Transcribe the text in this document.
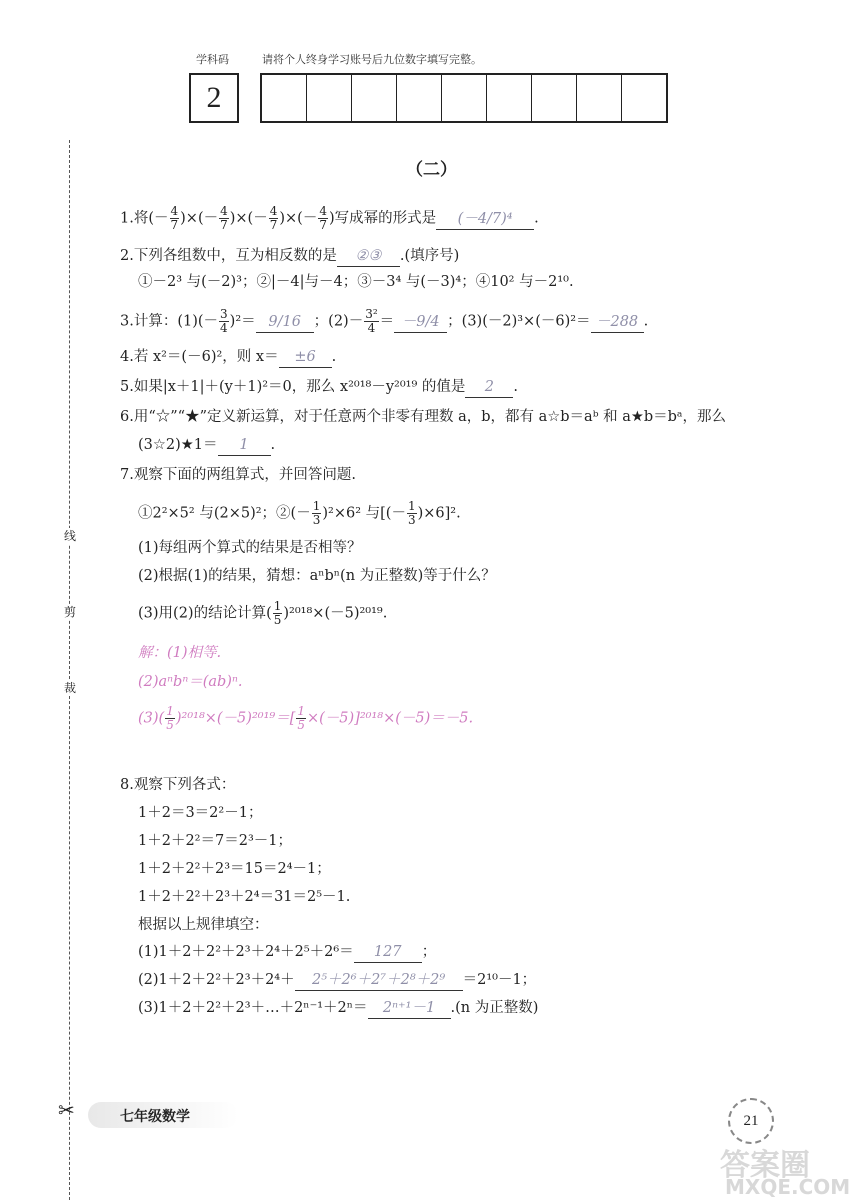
学科码	请将个人终身学习账号后九位数字填写完整。
2
线
剪
裁
✂
（二）
1.将(－ $\frac{4}{7}$ )×(－ $\frac{4}{7}$ )×(－ $\frac{4}{7}$ )×(－ $\frac{4}{7}$ )写成幂的形式是 (－4/7)⁴ .
2.下列各组数中，互为相反数的是 ②③ .(填序号)
①－2³ 与(－2)³；②|－4|与－4；③－3⁴ 与(－3)⁴；④10² 与－2¹⁰.
3.计算：$(1)(- \frac{3}{4} )^2= 9/16$ ；$(2)- \frac{\text{3²}}{4} = -9/4$ ；(3)(－2)³×(－6)²＝ －288 .
4.若 x²＝(－6)²，则 x＝ ±6 .
5.如果|x＋1|＋(y＋1)²＝0，那么 x²⁰¹⁸－y²⁰¹⁹ 的值是 2 .
6.用“☆”“★”定义新运算，对于任意两个非零有理数 a，b，都有 a☆b＝aᵇ 和 a★b＝bᵃ，那么
(3☆2)★1＝ 1 .
7.观察下面的两组算式，并回答问题.
①2²×5² 与(2×5)²；②(－ $\frac{1}{3} )^2\times 6^2$ 与[(－ $\frac{1}{3} )\times 6]^2$.
(1)每组两个算式的结果是否相等？
(2)根据(1)的结果，猜想：aⁿbⁿ(n 为正整数)等于什么？
(3)用(2)的结论计算( $\frac{1}{5} )^{2018}\times(-5)^{2019}$.
解：(1)相等.
(2)aⁿbⁿ＝(ab)ⁿ.
$(3)( \frac{1}{5} )^{2018}\times(-5)^{2019}=[ \frac{1}{5} \times(-5)]^{2018}\times(-5)=-5$.
8.观察下列各式：
1＋2＝3＝2²－1；
1＋2＋2²＝7＝2³－1；
1＋2＋2²＋2³＝15＝2⁴－1；
1＋2＋2²＋2³＋2⁴＝31＝2⁵－1.
根据以上规律填空：
(1)1＋2＋2²＋2³＋2⁴＋2⁵＋2⁶＝ 127 ；
(2)1＋2＋2²＋2³＋2⁴＋ 2⁵＋2⁶＋2⁷＋2⁸＋2⁹ ＝2¹⁰－1；
(3)1＋2＋2²＋2³＋…＋2ⁿ⁻¹＋2ⁿ＝ 2ⁿ⁺¹－1 .(n 为正整数)
七年级数学	21
答案圈
MXQE.COM
